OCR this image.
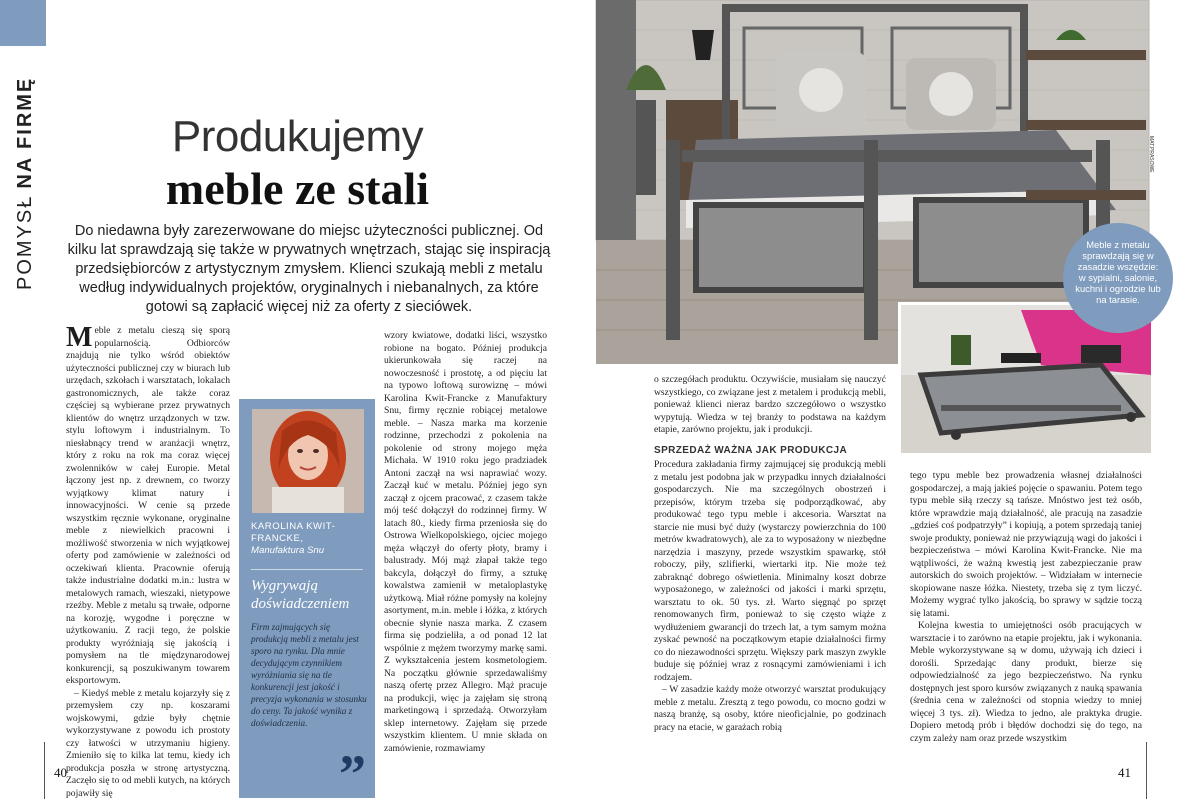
POMYSŁNA FIRMĘ	Produkujemy
meble ze stali
Do niedawna były zarezerwowane do miejsc użyteczności publicznej. Od kilku lat sprawdzają się także w prywatnych wnętrzach, stając się inspiracją przedsiębiorców z artystycznym zmysłem. Klienci szukają mebli z metalu według indywidualnych projektów, oryginalnych i niebanalnych, za które gotowi są zapłacić więcej niż za oferty z sieciówek.

Meble z metalu cieszą się sporą popularnością. Odbiorców znajdują nie tylko wśród obiektów użyteczności publicznej czy w biurach lub urzędach, szkołach i warsztatach, lokalach gastronomicznych, ale także coraz częściej są wybierane przez prywatnych klientów do wnętrz urządzonych w tzw. stylu loftowym i industrialnym. To niesłabnący trend w aranżacji wnętrz, który z roku na rok ma coraz więcej zwolenników w całej Europie. Metal łączony jest np. z drewnem, co tworzy wyjątkowy klimat natury i innowacyjności. W cenie są przede wszystkim ręcznie wykonane, oryginalne meble z niewielkich pracowni i możliwość stworzenia w nich wyjątkowej oferty pod zamówienie w zależności od oczekiwań klienta. Pracownie oferują także industrialne dodatki m.in.: lustra w metalowych ramach, wieszaki, nietypowe rzeźby. Meble z metalu są trwałe, odporne na korozję, wygodne i poręczne w użytkowaniu. Z racji tego, że polskie produkty wyróżniają się jakością i pomysłem na tle międzynarodowej konkurencji, są poszukiwanym towarem eksportowym.

– Kiedyś meble z metalu kojarzyły się z przemysłem czy np. koszarami wojskowymi, gdzie były chętnie wykorzystywane z powodu ich prostoty czy łatwości w utrzymaniu higieny. Zmieniło się to kilka lat temu, kiedy ich produkcja poszła w stronę artystyczną. Zaczęło się to od mebli kutych, na których pojawiły się

wzory kwiatowe, dodatki liści, wszystko robione na bogato. Później produkcja ukierunkowała się raczej na nowoczesność i prostotę, a od pięciu lat na typowo loftową surowiznę – mówi Karolina Kwit-Francke z Manufaktury Snu, firmy ręcznie robiącej metalowe meble. – Nasza marka ma korzenie rodzinne, przechodzi z pokolenia na pokolenie od strony mojego męża Michała. W 1910 roku jego pradziadek Antoni zaczął na wsi naprawiać wozy. Zaczął kuć w metalu. Później jego syn zaczął z ojcem pracować, z czasem także mój teść dołączył do rodzinnej firmy. W latach 80., kiedy firma przeniosła się do Ostrowa Wielkopolskiego, ojciec mojego męża włączył do oferty płoty, bramy i balustrady. Mój mąż złapał także tego bakcyla, dołączył do firmy, a sztukę kowalstwa zamienił w metaloplastykę użytkową. Miał różne pomysły na kolejny asortyment, m.in. meble i łóżka, z których obecnie słynie nasza marka. Z czasem firma się podzieliła, a od ponad 12 lat wspólnie z mężem tworzymy markę sami. Z wykształcenia jestem kosmetologiem. Na początku głównie sprzedawaliśmy naszą ofertę przez Allegro. Mąż pracuje na produkcji, więc ja zajęłam się stroną marketingową i sprzedażą. Otworzyłam sklep internetowy. Zajęłam się przede wszystkim klientem. U mnie składa on zamówienie, rozmawiamy

KAROLINA KWIT-FRANCKE,
Manufaktura Snu
Wygrywają doświadczeniem
Firm zajmujących się produkcją mebli z metalu jest sporo na rynku. Dla mnie decydującym czynnikiem wyróżniania się na tle konkurencji jest jakość i precyzja wykonania w stosunku do ceny. Ta jakość wynika z doświadczenia.
”
40
MAT.PRASOWE
Meble z metalu sprawdzają się w zasadzie wszędzie: w sypialni, salonie, kuchni i ogrodzie lub na tarasie.

o szczegółach produktu. Oczywiście, musiałam się nauczyć wszystkiego, co związane jest z metalem i produkcją mebli, ponieważ klienci nieraz bardzo szczegółowo o wszystko wypytują. Wiedza w tej branży to podstawa na każdym etapie, zarówno projektu, jak i produkcji.

SPRZEDAŻ WAŻNA JAK PRODUKCJA

Procedura zakładania firmy zajmującej się produkcją mebli z metalu jest podobna jak w przypadku innych działalności gospodarczych. Nie ma szczególnych obostrzeń i przepisów, którym trzeba się podporządkować, aby produkować tego typu meble i akcesoria. Warsztat na starcie nie musi być duży (wystarczy powierzchnia do 100 metrów kwadratowych), ale za to wyposażony w niezbędne narzędzia i maszyny, przede wszystkim spawarkę, stół roboczy, piły, szlifierki, wiertarki itp. Nie może też zabraknąć dobrego oświetlenia. Minimalny koszt dobrze wyposażonego, w zależności od jakości i marki sprzętu, warsztatu to ok. 50 tys. zł. Warto sięgnąć po sprzęt renomowanych firm, ponieważ to się często wiąże z wydłużeniem gwarancji do trzech lat, a tym samym można zyskać pewność na początkowym etapie działalności firmy co do niezawodności sprzętu. Większy park maszyn zwykle buduje się później wraz z rosnącymi zamówieniami i ich rodzajem.

– W zasadzie każdy może otworzyć warsztat produkujący meble z metalu. Zresztą z tego powodu, co mocno godzi w naszą branżę, są osoby, które nieoficjalnie, po godzinach pracy na etacie, w garażach robią

tego typu meble bez prowadzenia własnej działalności gospodarczej, a mają jakieś pojęcie o spawaniu. Potem tego typu meble siłą rzeczy są tańsze. Mnóstwo jest też osób, które wprawdzie mają działalność, ale pracują na zasadzie „gdzieś coś podpatrzyły” i kopiują, a potem sprzedają taniej swoje produkty, ponieważ nie przywiązują wagi do jakości i bezpieczeństwa – mówi Karolina Kwit-Francke. Nie ma wątpliwości, że ważną kwestią jest zabezpieczanie praw autorskich do swoich projektów. – Widziałam w internecie skopiowane nasze łóżka. Niestety, trzeba się z tym liczyć. Możemy wygrać tylko jakością, bo sprawy w sądzie toczą się latami.

Kolejna kwestia to umiejętności osób pracujących w warsztacie i to zarówno na etapie projektu, jak i wykonania. Meble wykorzystywane są w domu, używają ich dzieci i dorośli. Sprzedając dany produkt, bierze się odpowiedzialność za jego bezpieczeństwo. Na rynku dostępnych jest sporo kursów związanych z nauką spawania (średnia cena w zależności od stopnia wiedzy to mniej więcej 3 tys. zł). Wiedza to jedno, ale praktyka drugie. Dopiero metodą prób i błędów dochodzi się do tego, na czym zależy nam oraz przede wszystkim

41
